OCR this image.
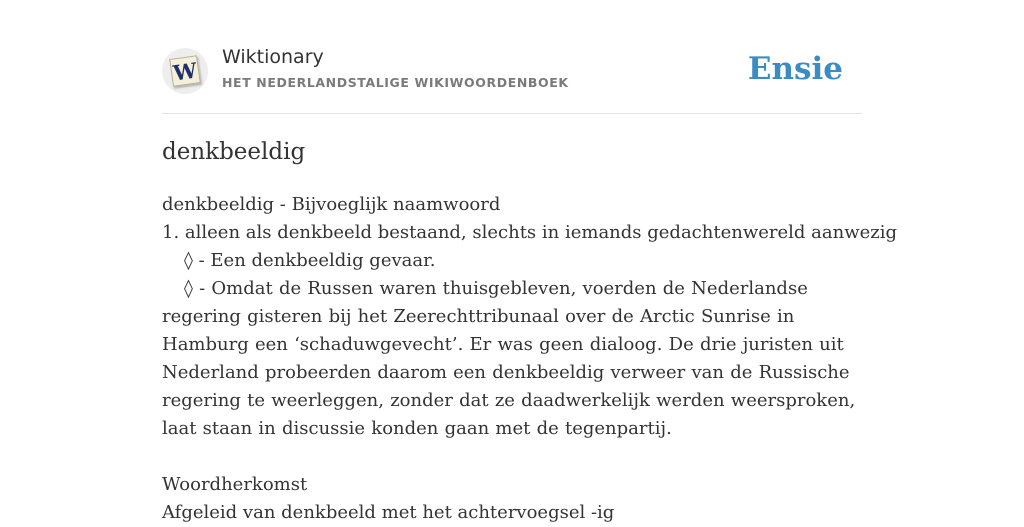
W
Wiktionary
HET NEDERLANDSTALIGE WIKIWOORDENBOEK	Ensie
denkbeeldig
denkbeeldig - Bijvoeglijk naamwoord
1. alleen als denkbeeld bestaand, slechts in iemands gedachtenwereld aanwezig
◊ - Een denkbeeldig gevaar.
◊ - Omdat de Russen waren thuisgebleven, voerden de Nederlandse regering gisteren bij het Zeerechttribunaal over de Arctic Sunrise in Hamburg een ‘schaduwgevecht’. Er was geen dialoog. De drie juristen uit Nederland probeerden daarom een denkbeeldig verweer van de Russische regering te weerleggen, zonder dat ze daadwerkelijk werden weersproken, laat staan in discussie konden gaan met de tegenpartij.
Woordherkomst
Afgeleid van denkbeeld met het achtervoegsel -ig
